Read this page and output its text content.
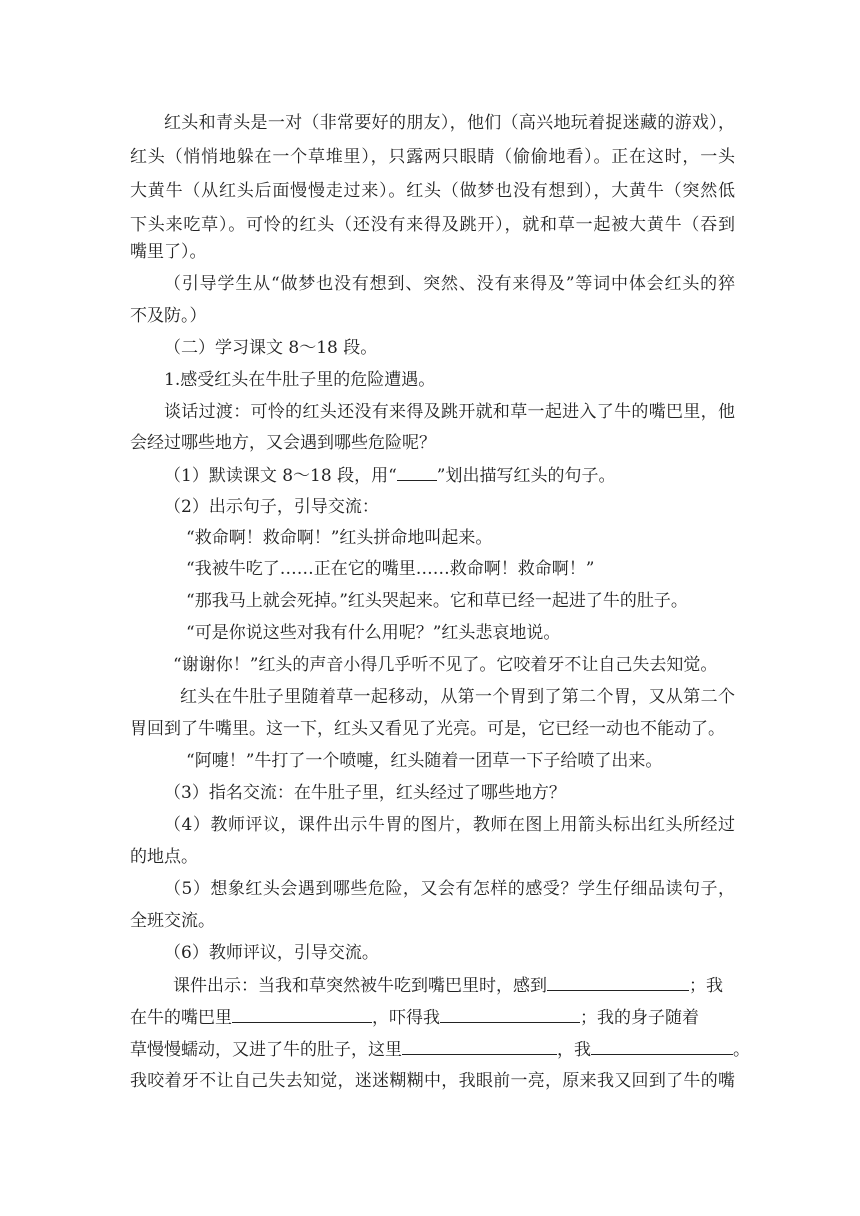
红头和青头是一对（非常要好的朋友），他们（高兴地玩着捉迷藏的游戏），
红头（悄悄地躲在一个草堆里），只露两只眼睛（偷偷地看）。正在这时，一头
大黄牛（从红头后面慢慢走过来）。红头（做梦也没有想到），大黄牛（突然低
下头来吃草）。可怜的红头（还没有来得及跳开），就和草一起被大黄牛（吞到
嘴里了）。
（引导学生从“做梦也没有想到、突然、没有来得及”等词中体会红头的猝
不及防。）
（二）学习课文 8～18 段。
1.感受红头在牛肚子里的危险遭遇。
谈话过渡：可怜的红头还没有来得及跳开就和草一起进入了牛的嘴巴里，他
会经过哪些地方，又会遇到哪些危险呢？
（1）默读课文 8～18 段，用“ ”划出描写红头的句子。
（2）出示句子，引导交流：
“救命啊！救命啊！”红头拼命地叫起来。
“我被牛吃了……正在它的嘴里……救命啊！救命啊！”
“那我马上就会死掉。”红头哭起来。它和草已经一起进了牛的肚子。
“可是你说这些对我有什么用呢？”红头悲哀地说。
“谢谢你！”红头的声音小得几乎听不见了。它咬着牙不让自己失去知觉。
红头在牛肚子里随着草一起移动，从第一个胃到了第二个胃，又从第二个
胃回到了牛嘴里。这一下，红头又看见了光亮。可是，它已经一动也不能动了。
“阿嚏！”牛打了一个喷嚏，红头随着一团草一下子给喷了出来。
（3）指名交流：在牛肚子里，红头经过了哪些地方？
（4）教师评议，课件出示牛胃的图片，教师在图上用箭头标出红头所经过
的地点。
（5）想象红头会遇到哪些危险，又会有怎样的感受？学生仔细品读句子，
全班交流。
（6）教师评议，引导交流。
课件出示：当我和草突然被牛吃到嘴巴里时，感到	；我
在牛的嘴巴里	，吓得我	；我的身子随着
草慢慢蠕动，又进了牛的肚子，这里	，我	。
我咬着牙不让自己失去知觉，迷迷糊糊中，我眼前一亮，原来我又回到了牛的嘴
